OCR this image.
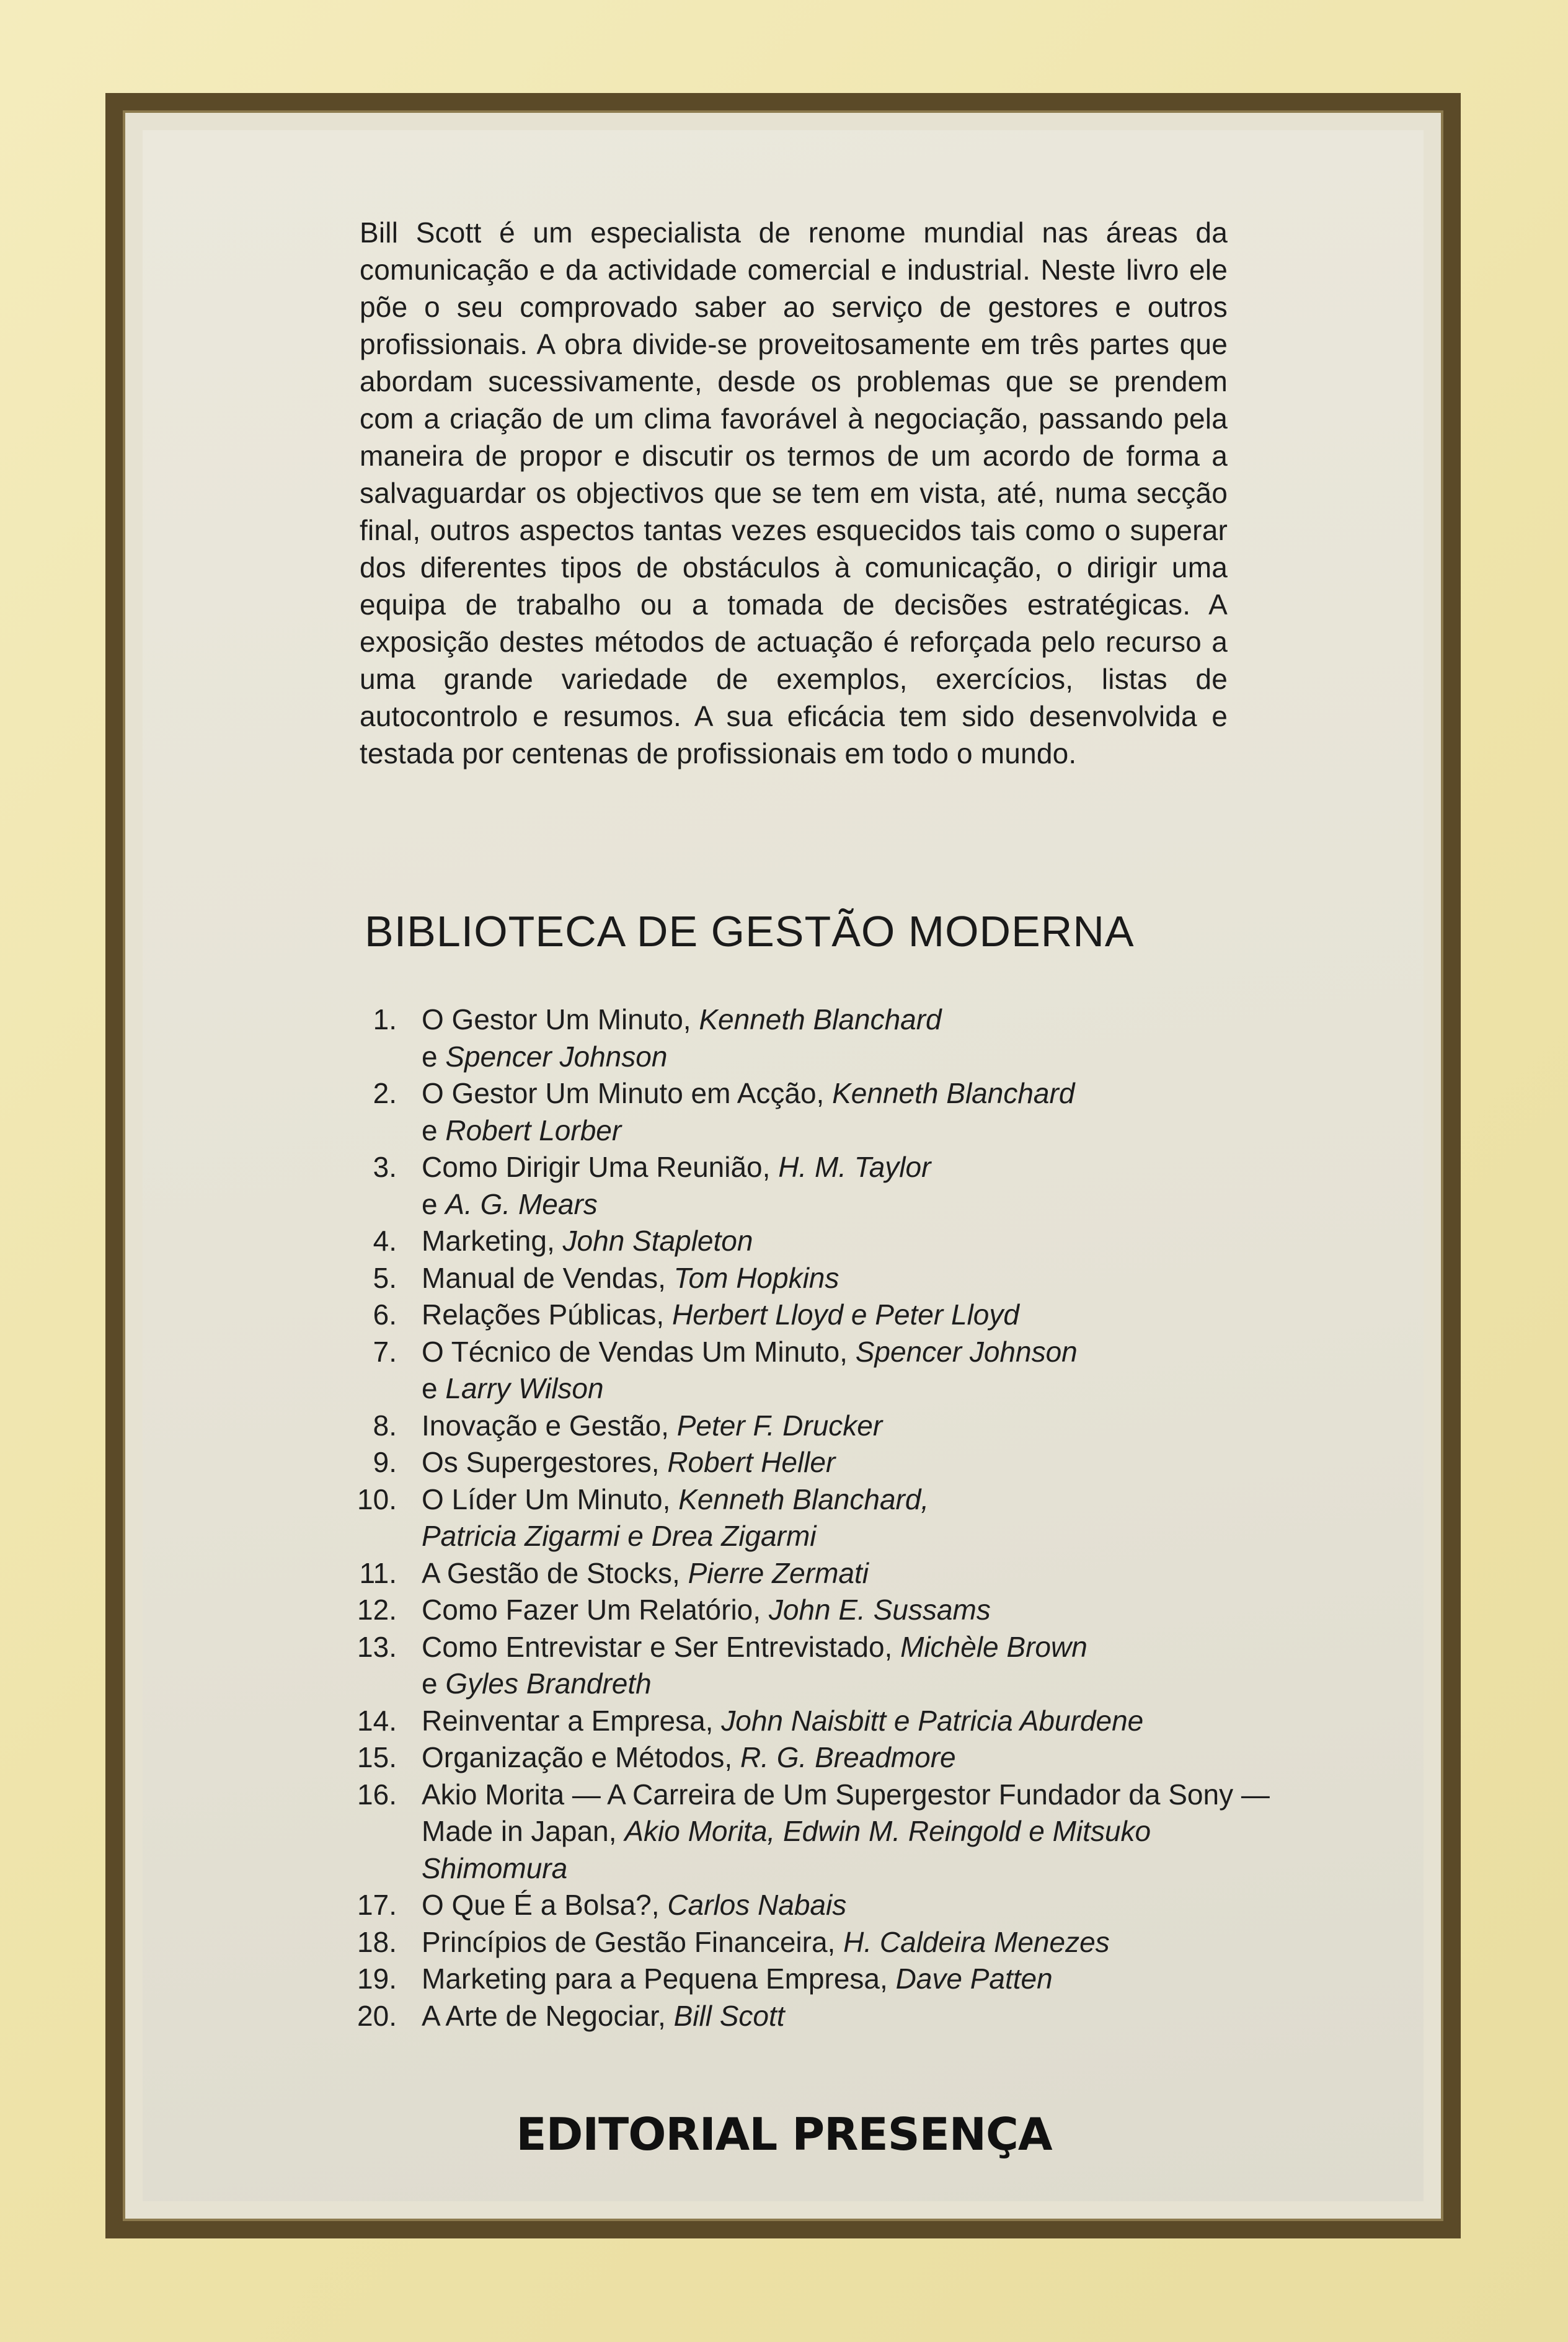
Bill Scott é um especialista de renome mundial nas áreas da comunicação e da actividade comercial e industrial. Neste livro ele põe o seu comprovado saber ao serviço de gestores e outros profissionais. A obra divide-se proveitosamente em três partes que abordam sucessivamente, desde os problemas que se prendem com a criação de um clima favorável à negociação, passando pela maneira de propor e discutir os termos de um acordo de forma a salvaguardar os objectivos que se tem em vista, até, numa secção final, outros aspectos tantas vezes esquecidos tais como o superar dos diferentes tipos de obstáculos à comunicação, o dirigir uma equipa de trabalho ou a tomada de decisões estratégicas. A exposição destes métodos de actuação é reforçada pelo recurso a uma grande variedade de exemplos, exercícios, listas de autocontrolo e resumos. A sua eficácia tem sido desenvolvida e testada por centenas de profissionais em todo o mundo.
BIBLIOTECA DE GESTÃO MODERNA
1. O Gestor Um Minuto, Kenneth Blanchard
e Spencer Johnson
2. O Gestor Um Minuto em Acção, Kenneth Blanchard
e Robert Lorber
3. Como Dirigir Uma Reunião, H. M. Taylor
e A. G. Mears
4. Marketing, John Stapleton
5. Manual de Vendas, Tom Hopkins
6. Relações Públicas, Herbert Lloyd e Peter Lloyd
7. O Técnico de Vendas Um Minuto, Spencer Johnson
e Larry Wilson
8. Inovação e Gestão, Peter F. Drucker
9. Os Supergestores, Robert Heller
10. O Líder Um Minuto, Kenneth Blanchard,
Patricia Zigarmi e Drea Zigarmi
11. A Gestão de Stocks, Pierre Zermati
12. Como Fazer Um Relatório, John E. Sussams
13. Como Entrevistar e Ser Entrevistado, Michèle Brown
e Gyles Brandreth
14. Reinventar a Empresa, John Naisbitt e Patricia Aburdene
15. Organização e Métodos, R. G. Breadmore
16. Akio Morita — A Carreira de Um Supergestor Fundador da Sony — Made in Japan, Akio Morita, Edwin M. Reingold e Mitsuko Shimomura
17. O Que É a Bolsa?, Carlos Nabais
18. Princípios de Gestão Financeira, H. Caldeira Menezes
19. Marketing para a Pequena Empresa, Dave Patten
20. A Arte de Negociar, Bill Scott
EDITORIAL PRESENÇA
